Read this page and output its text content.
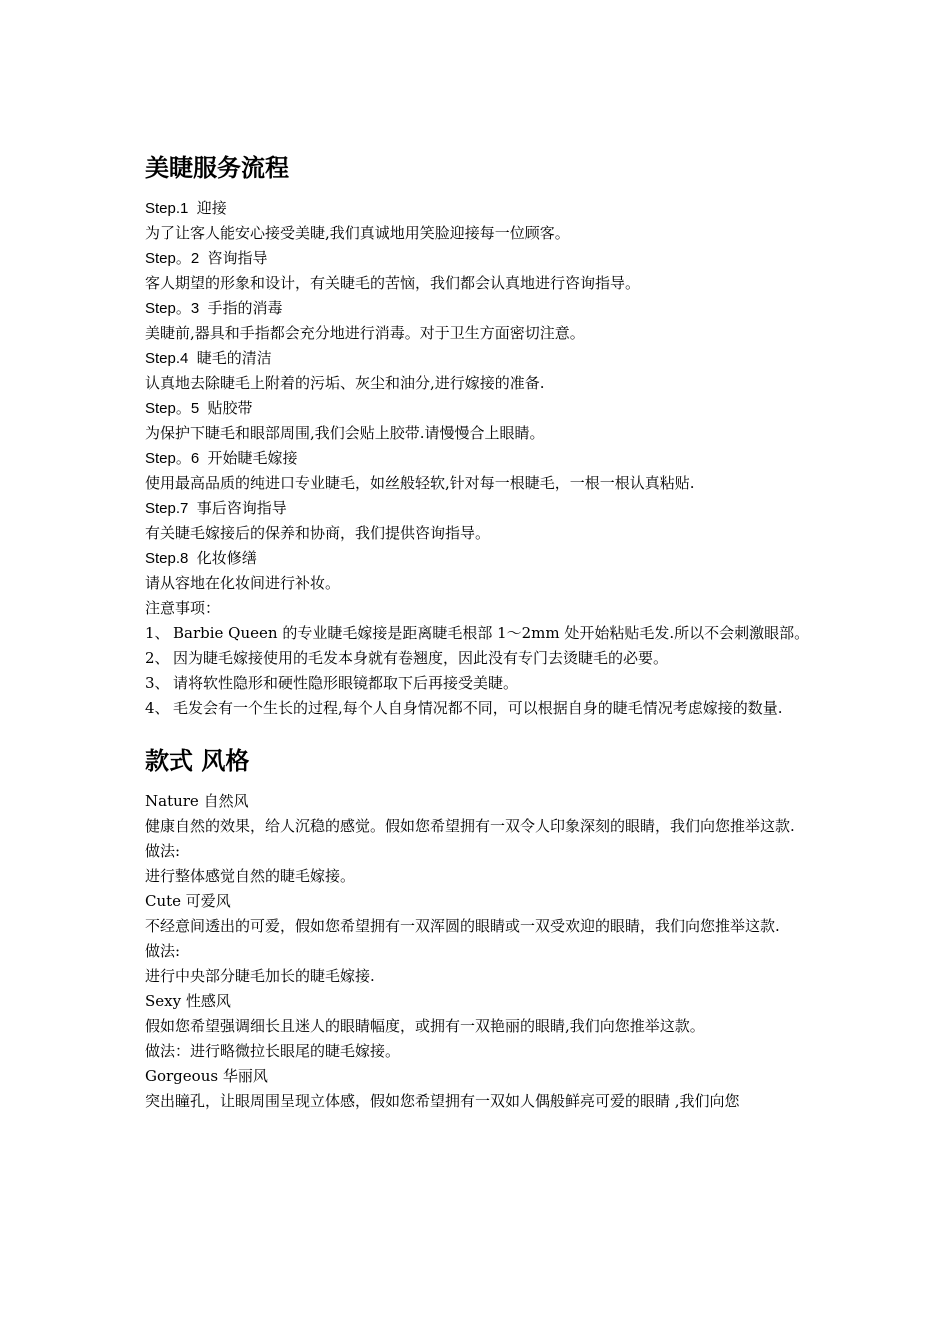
美睫服务流程

Step.1 迎接

为了让客人能安心接受美睫,我们真诚地用笑脸迎接每一位顾客。

Step。2 咨询指导

客人期望的形象和设计，有关睫毛的苦恼，我们都会认真地进行咨询指导。

Step。3 手指的消毒

美睫前,器具和手指都会充分地进行消毒。对于卫生方面密切注意。

Step.4 睫毛的清洁

认真地去除睫毛上附着的污垢、灰尘和油分,进行嫁接的准备.

Step。5 贴胶带

为保护下睫毛和眼部周围,我们会贴上胶带.请慢慢合上眼睛。

Step。6 开始睫毛嫁接

使用最高品质的纯进口专业睫毛，如丝般轻软,针对每一根睫毛，一根一根认真粘贴.

Step.7 事后咨询指导

有关睫毛嫁接后的保养和协商，我们提供咨询指导。

Step.8 化妆修缮

请从容地在化妆间进行补妆。

注意事项：

1、 Barbie Queen 的专业睫毛嫁接是距离睫毛根部 1～2mm 处开始粘贴毛发.所以不会刺激眼部。
2、 因为睫毛嫁接使用的毛发本身就有卷翘度，因此没有专门去烫睫毛的必要。
3、 请将软性隐形和硬性隐形眼镜都取下后再接受美睫。
4、 毛发会有一个生长的过程,每个人自身情况都不同，可以根据自身的睫毛情况考虑嫁接的数量.
款式 风格

Nature 自然风

健康自然的效果，给人沉稳的感觉。假如您希望拥有一双令人印象深刻的眼睛，我们向您推举这款.

做法:

进行整体感觉自然的睫毛嫁接。

Cute 可爱风

不经意间透出的可爱，假如您希望拥有一双浑圆的眼睛或一双受欢迎的眼睛，我们向您推举这款.

做法:

进行中央部分睫毛加长的睫毛嫁接.

Sexy 性感风

假如您希望强调细长且迷人的眼睛幅度，或拥有一双艳丽的眼睛,我们向您推举这款。

做法：进行略微拉长眼尾的睫毛嫁接。

Gorgeous 华丽风

突出瞳孔，让眼周围呈现立体感，假如您希望拥有一双如人偶般鲜亮可爱的眼睛 ,我们向您
